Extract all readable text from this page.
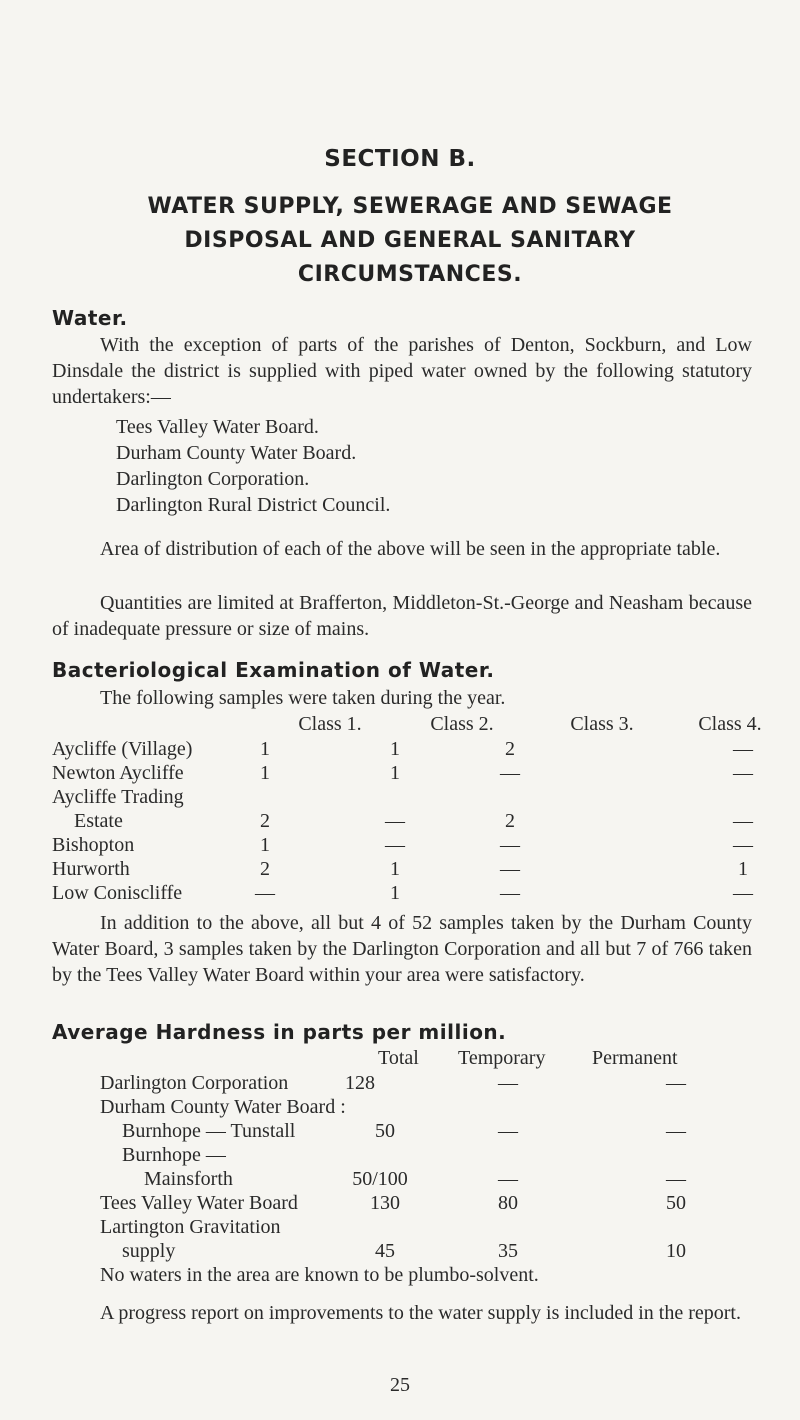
SECTION B.
WATER SUPPLY, SEWERAGE AND SEWAGE
DISPOSAL AND GENERAL SANITARY
CIRCUMSTANCES.
Water.
With the exception of parts of the parishes of Denton, Sockburn, and Low Dinsdale the district is supplied with piped water owned by the following statutory undertakers:—
Tees Valley Water Board.
Durham County Water Board.
Darlington Corporation.
Darlington Rural District Council.
Area of distribution of each of the above will be seen in the appropriate table.
Quantities are limited at Brafferton, Middleton-St.-George and Neasham because of inadequate pressure or size of mains.
Bacteriological Examination of Water.
The following samples were taken during the year.
Class 1.	Class 2.	Class 3.	Class 4.
Aycliffe (Village)	1	1	2	—
Newton Aycliffe	1	1	—	—
Aycliffe Trading
Estate	2	—	2	—
Bishopton	1	—	—	—
Hurworth	2	1	—	1
Low Coniscliffe	—	1	—	—
In addition to the above, all but 4 of 52 samples taken by the Durham County Water Board, 3 samples taken by the Darlington Corporation and all but 7 of 766 taken by the Tees Valley Water Board within your area were satisfactory.
Average Hardness in parts per million.
Total Temporary Permanent
Darlington Corporation	128	—	—
Durham County Water Board :
Burnhope — Tunstall	50	—	—
Burnhope —
Mainsforth	50/100	—	—
Tees Valley Water Board	130	80	50
Lartington Gravitation
supply	45	35	10
No waters in the area are known to be plumbo-solvent.
A progress report on improvements to the water supply is included in the report.
25
